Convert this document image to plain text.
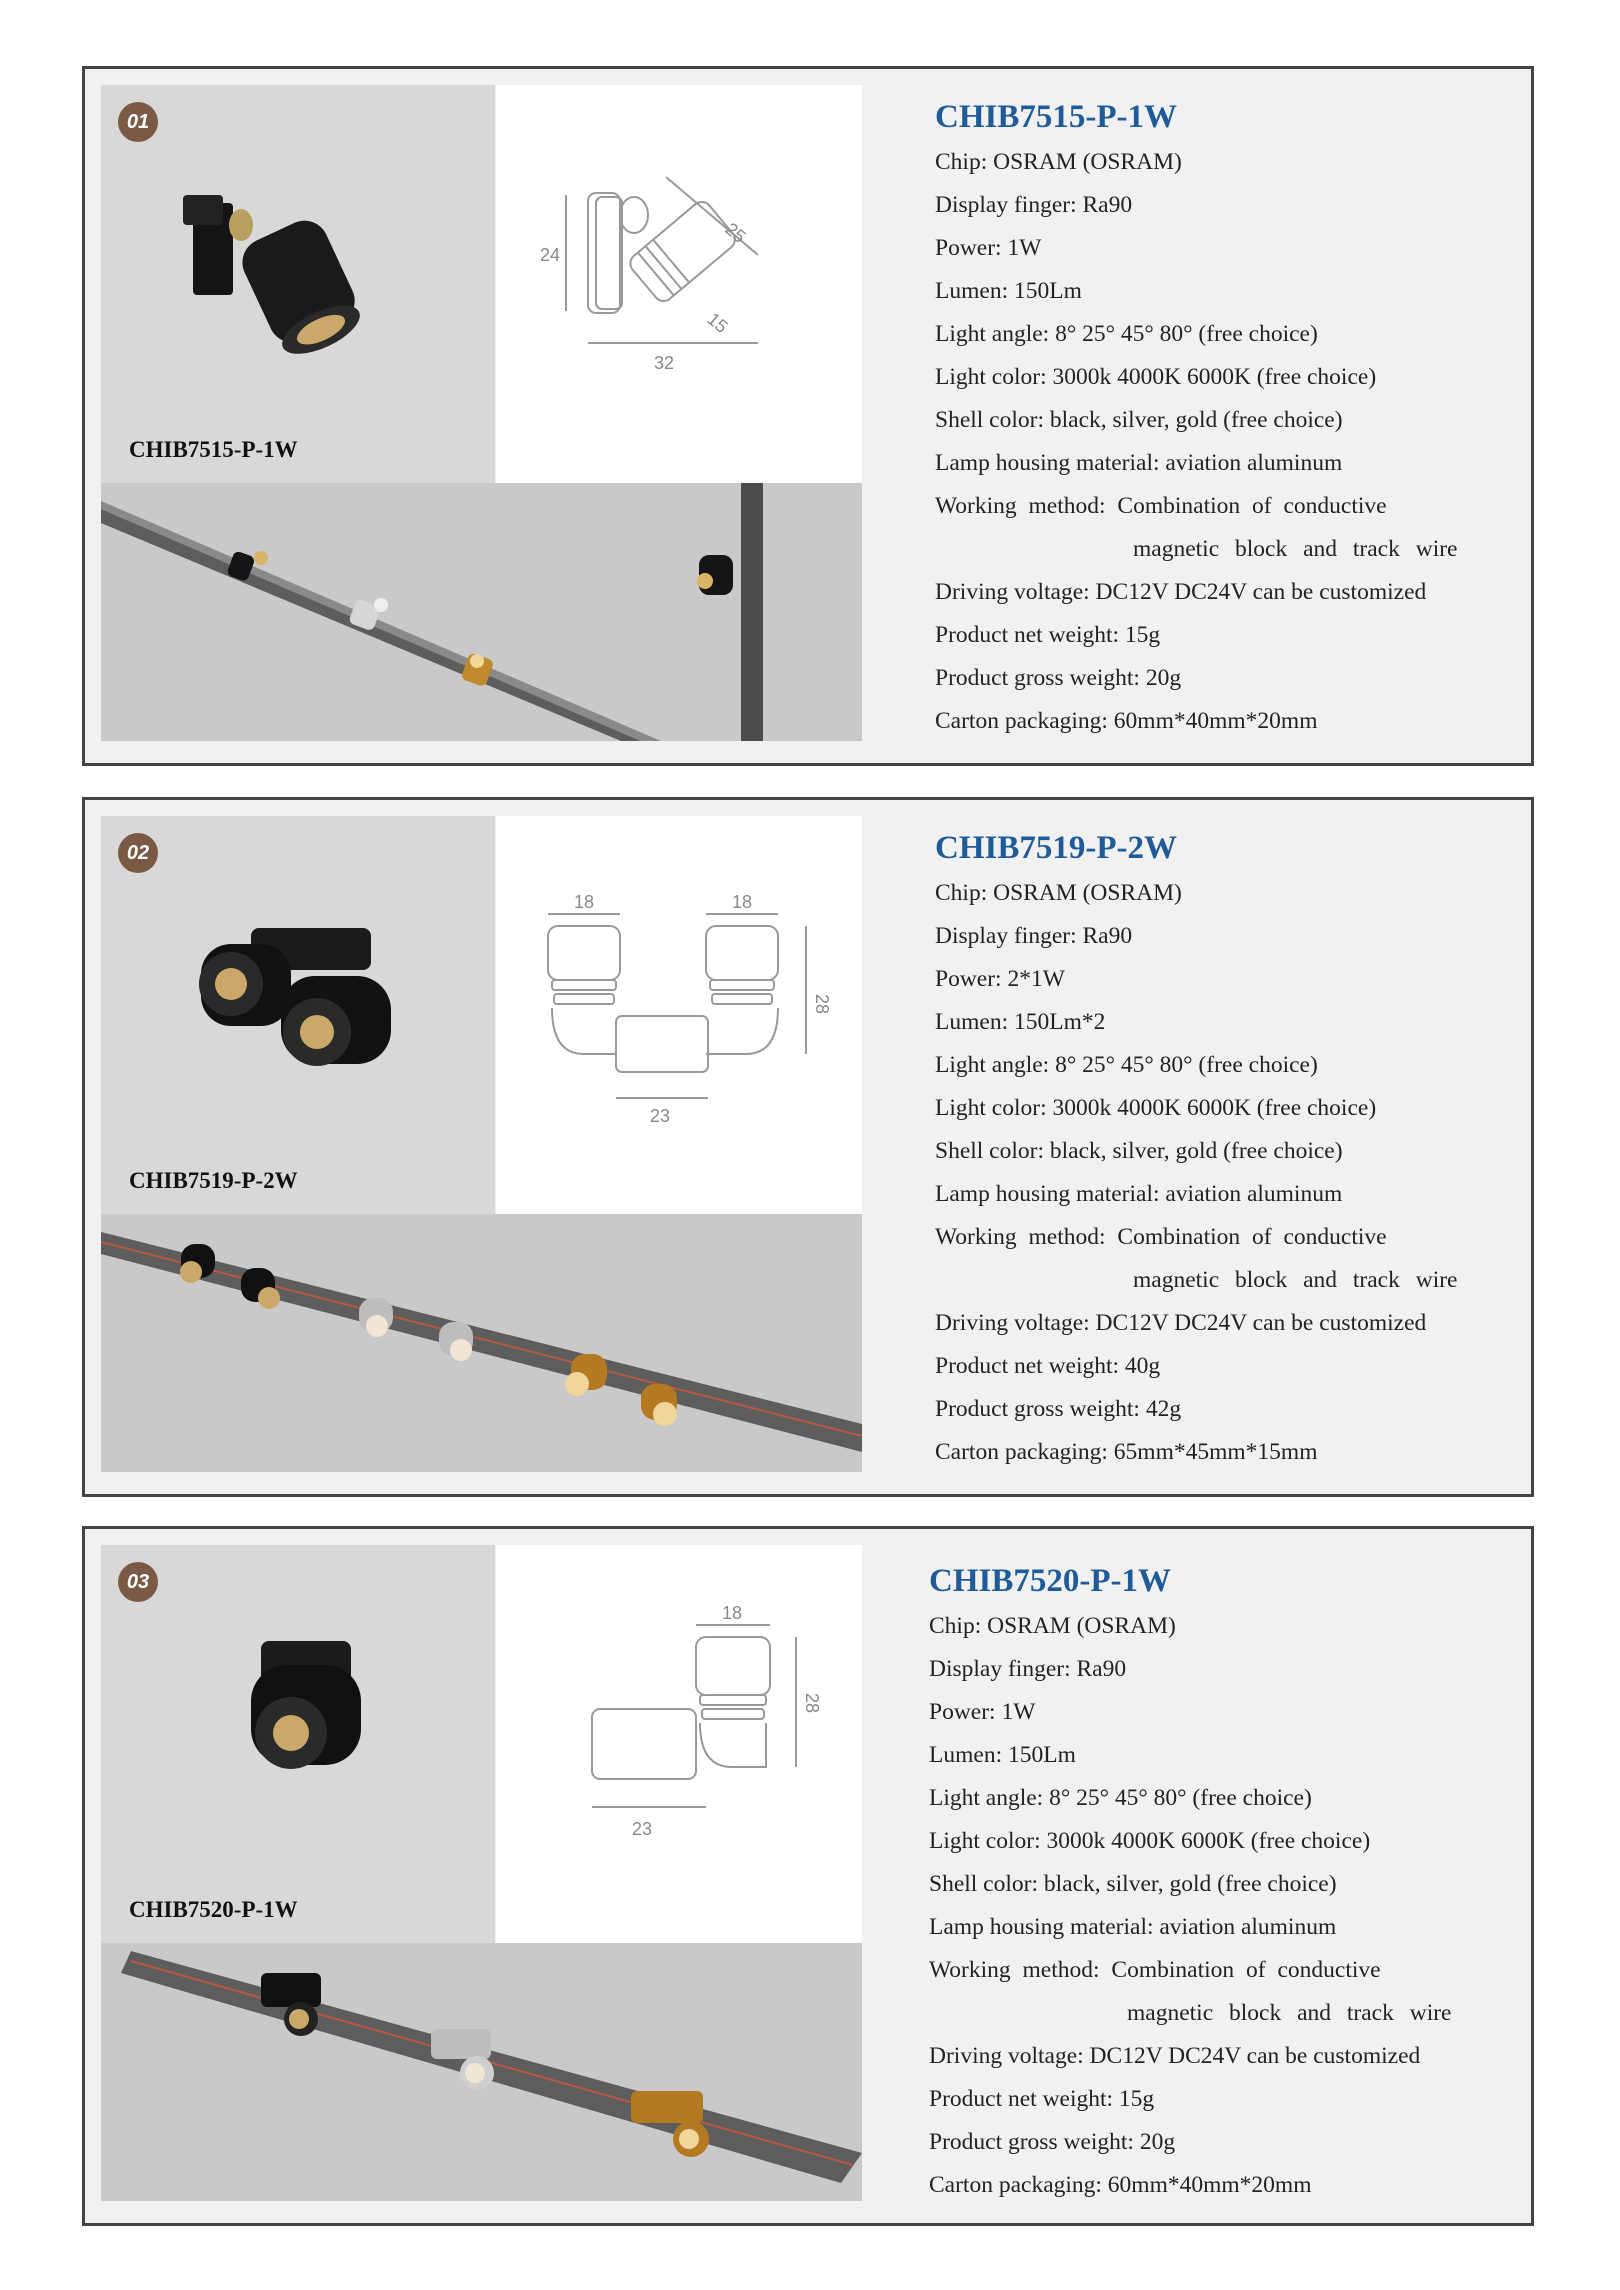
01
CHIB7515-P-1W
24
25
15
32

CHIB7515-P-1W

Chip: OSRAM (OSRAM)

Display finger: Ra90

Power: 1W

Lumen: 150Lm

Light angle: 8° 25° 45° 80° (free choice)

Light color: 3000k 4000K 6000K (free choice)

Shell color: black, silver, gold (free choice)

Lamp housing material: aviation aluminum

Working method: Combination of conductive

magnetic block and track wire

Driving voltage: DC12V DC24V can be customized

Product net weight: 15g

Product gross weight: 20g

Carton packaging: 60mm*40mm*20mm

02
CHIB7519-P-2W
18	18
28
23

CHIB7519-P-2W

Chip: OSRAM (OSRAM)

Display finger: Ra90

Power: 2*1W

Lumen: 150Lm*2

Light angle: 8° 25° 45° 80° (free choice)

Light color: 3000k 4000K 6000K (free choice)

Shell color: black, silver, gold (free choice)

Lamp housing material: aviation aluminum

Working method: Combination of conductive

magnetic block and track wire

Driving voltage: DC12V DC24V can be customized

Product net weight: 40g

Product gross weight: 42g

Carton packaging: 65mm*45mm*15mm

03
CHIB7520-P-1W
18
28
23

CHIB7520-P-1W

Chip: OSRAM (OSRAM)

Display finger: Ra90

Power: 1W

Lumen: 150Lm

Light angle: 8° 25° 45° 80° (free choice)

Light color: 3000k 4000K 6000K (free choice)

Shell color: black, silver, gold (free choice)

Lamp housing material: aviation aluminum

Working method: Combination of conductive

magnetic block and track wire

Driving voltage: DC12V DC24V can be customized

Product net weight: 15g

Product gross weight: 20g

Carton packaging: 60mm*40mm*20mm
